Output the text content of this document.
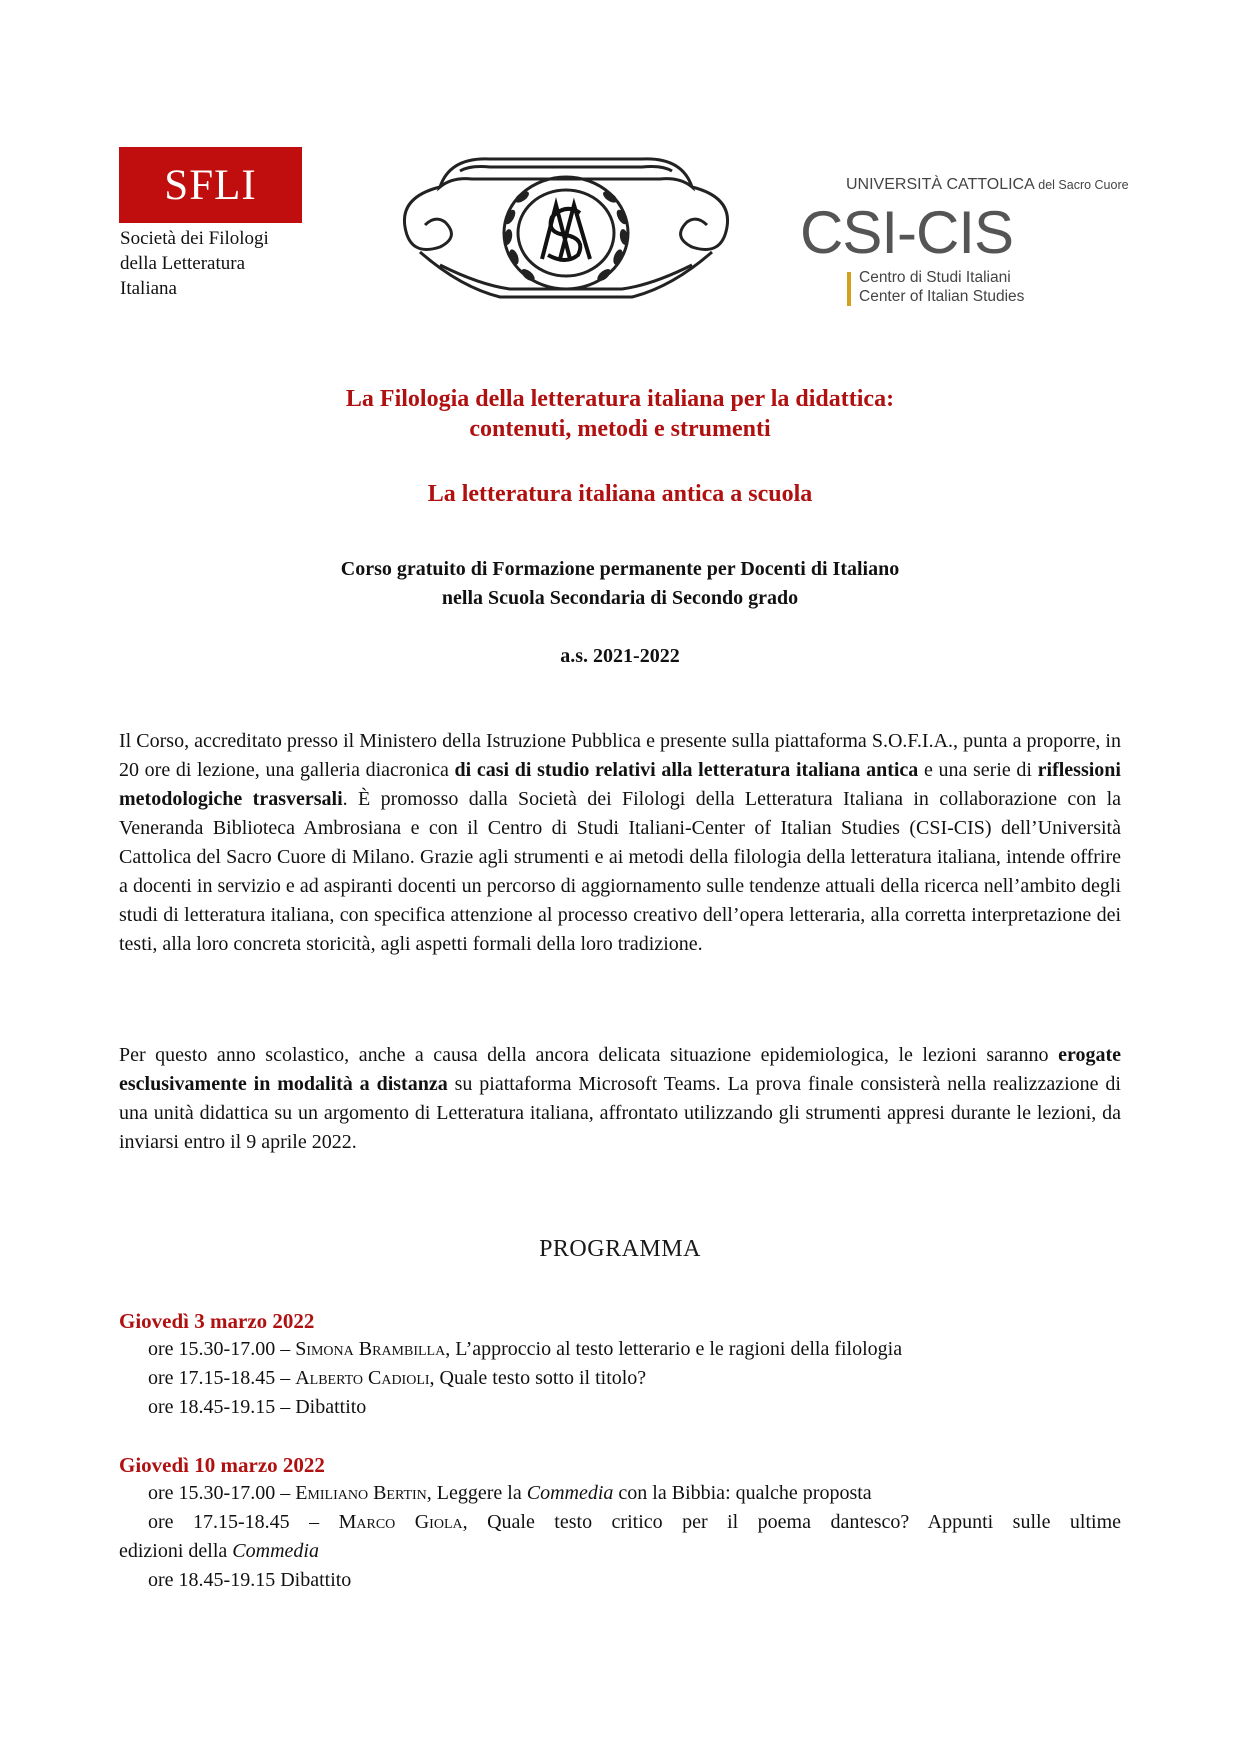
SFLI
Società dei Filologi
della Letteratura
Italiana
UNIVERSITÀ CATTOLICA del Sacro Cuore
CSI-CIS
Centro di Studi Italiani
Center of Italian Studies
La Filologia della letteratura italiana per la didattica:
contenuti, metodi e strumenti
La letteratura italiana antica a scuola
Corso gratuito di Formazione permanente per Docenti di Italiano
nella Scuola Secondaria di Secondo grado
a.s. 2021-2022
Il Corso, accreditato presso il Ministero della Istruzione Pubblica e presente sulla piattaforma S.O.F.I.A., punta a proporre, in 20 ore di lezione, una galleria diacronica di casi di studio relativi alla letteratura italiana antica e una serie di riflessioni metodologiche trasversali. È promosso dalla Società dei Filologi della Letteratura Italiana in collaborazione con la Veneranda Biblioteca Ambrosiana e con il Centro di Studi Italiani-Center of Italian Studies (CSI-CIS) dell’Università Cattolica del Sacro Cuore di Milano. Grazie agli strumenti e ai metodi della filologia della letteratura italiana, intende offrire a docenti in servizio e ad aspiranti docenti un percorso di aggiornamento sulle tendenze attuali della ricerca nell’ambito degli studi di letteratura italiana, con specifica attenzione al processo creativo dell’opera letteraria, alla corretta interpretazione dei testi, alla loro concreta storicità, agli aspetti formali della loro tradizione.
Per questo anno scolastico, anche a causa della ancora delicata situazione epidemiologica, le lezioni saranno erogate esclusivamente in modalità a distanza su piattaforma Microsoft Teams. La prova finale consisterà nella realizzazione di una unità didattica su un argomento di Letteratura italiana, affrontato utilizzando gli strumenti appresi durante le lezioni, da inviarsi entro il 9 aprile 2022.
PROGRAMMA
Giovedì 3 marzo 2022
ore 15.30-17.00 – Simona Brambilla, L’approccio al testo letterario e le ragioni della filologia
ore 17.15-18.45 – Alberto Cadioli, Quale testo sotto il titolo?
ore 18.45-19.15 – Dibattito
Giovedì 10 marzo 2022
ore 15.30-17.00 – Emiliano Bertin, Leggere la Commedia con la Bibbia: qualche proposta
ore 17.15-18.45 – Marco Giola, Quale testo critico per il poema dantesco? Appunti sulle ultime
edizioni della Commedia
ore 18.45-19.15 Dibattito
